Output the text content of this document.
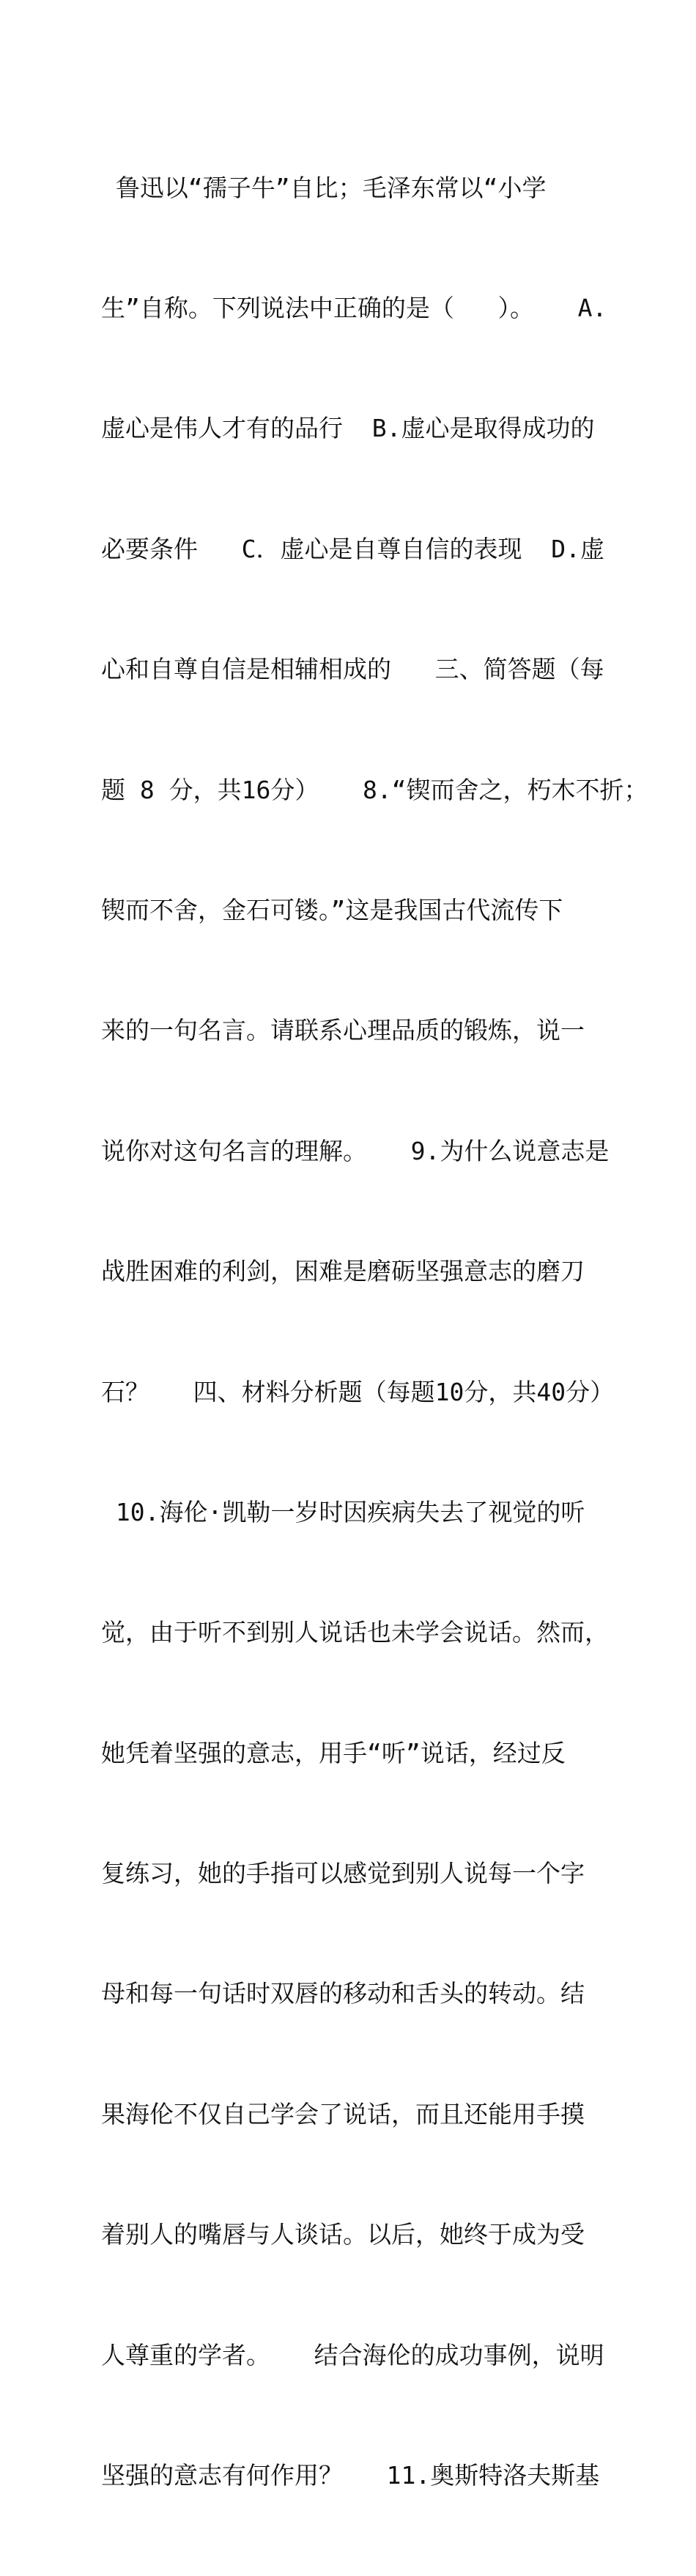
鲁迅以“孺子牛”自比；毛泽东常以“小学

生”自称。下列说法中正确的是（   ）。   A.

虚心是伟人才有的品行  B.虚心是取得成功的

必要条件   C．虚心是自尊自信的表现  D.虚

心和自尊自信是相辅相成的   三、简答题（每

题 8 分，共16分）   8.“锲而舍之，朽木不折；

锲而不舍，金石可镂。”这是我国古代流传下

来的一句名言。请联系心理品质的锻炼，说一

说你对这句名言的理解。   9.为什么说意志是

战胜困难的利剑，困难是磨砺坚强意志的磨刀

石？   四、材料分析题（每题10分，共40分）

10.海伦·凯勒一岁时因疾病失去了视觉的听

觉，由于听不到别人说话也未学会说话。然而，

她凭着坚强的意志，用手“听”说话，经过反

复练习，她的手指可以感觉到别人说每一个字

母和每一句话时双唇的移动和舌头的转动。结

果海伦不仅自己学会了说话，而且还能用手摸

着别人的嘴唇与人谈话。以后，她终于成为受

人尊重的学者。   结合海伦的成功事例，说明

坚强的意志有何作用？   11.奥斯特洛夫斯基
